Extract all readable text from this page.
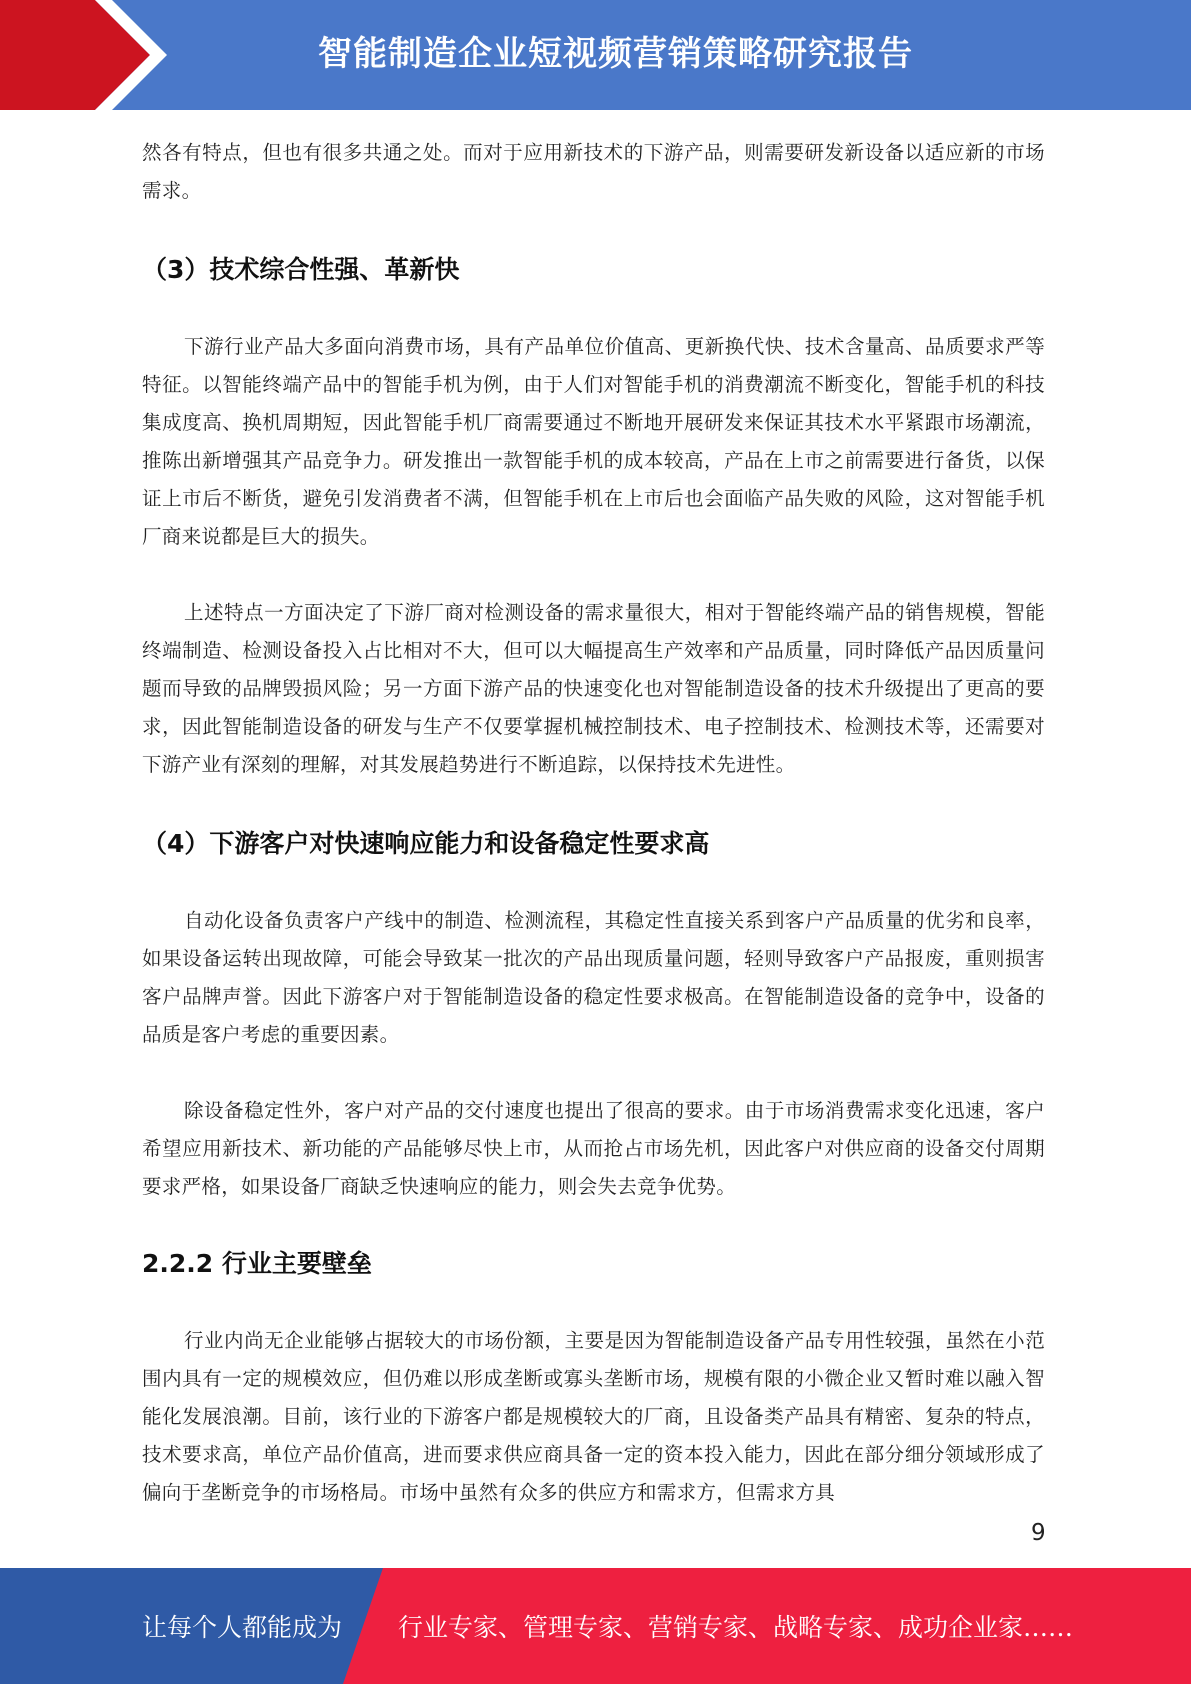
智能制造企业短视频营销策略研究报告

然各有特点，但也有很多共通之处。而对于应用新技术的下游产品，则需要研发新设备以适应新的市场需求。

（3）技术综合性强、革新快

下游行业产品大多面向消费市场，具有产品单位价值高、更新换代快、技术含量高、品质要求严等特征。以智能终端产品中的智能手机为例，由于人们对智能手机的消费潮流不断变化，智能手机的科技集成度高、换机周期短，因此智能手机厂商需要通过不断地开展研发来保证其技术水平紧跟市场潮流，推陈出新增强其产品竞争力。研发推出一款智能手机的成本较高，产品在上市之前需要进行备货，以保证上市后不断货，避免引发消费者不满，但智能手机在上市后也会面临产品失败的风险，这对智能手机厂商来说都是巨大的损失。

上述特点一方面决定了下游厂商对检测设备的需求量很大，相对于智能终端产品的销售规模，智能终端制造、检测设备投入占比相对不大，但可以大幅提高生产效率和产品质量，同时降低产品因质量问题而导致的品牌毁损风险；另一方面下游产品的快速变化也对智能制造设备的技术升级提出了更高的要求，因此智能制造设备的研发与生产不仅要掌握机械控制技术、电子控制技术、检测技术等，还需要对下游产业有深刻的理解，对其发展趋势进行不断追踪，以保持技术先进性。

（4）下游客户对快速响应能力和设备稳定性要求高

自动化设备负责客户产线中的制造、检测流程，其稳定性直接关系到客户产品质量的优劣和良率，如果设备运转出现故障，可能会导致某一批次的产品出现质量问题，轻则导致客户产品报废，重则损害客户品牌声誉。因此下游客户对于智能制造设备的稳定性要求极高。在智能制造设备的竞争中，设备的品质是客户考虑的重要因素。

除设备稳定性外，客户对产品的交付速度也提出了很高的要求。由于市场消费需求变化迅速，客户希望应用新技术、新功能的产品能够尽快上市，从而抢占市场先机，因此客户对供应商的设备交付周期要求严格，如果设备厂商缺乏快速响应的能力，则会失去竞争优势。

2.2.2 行业主要壁垒

行业内尚无企业能够占据较大的市场份额，主要是因为智能制造设备产品专用性较强，虽然在小范围内具有一定的规模效应，但仍难以形成垄断或寡头垄断市场，规模有限的小微企业又暂时难以融入智能化发展浪潮。目前，该行业的下游客户都是规模较大的厂商，且设备类产品具有精密、复杂的特点，技术要求高，单位产品价值高，进而要求供应商具备一定的资本投入能力，因此在部分细分领域形成了偏向于垄断竞争的市场格局。市场中虽然有众多的供应方和需求方，但需求方具

9
让每个人都能成为 行业专家、管理专家、营销专家、战略专家、成功企业家……
